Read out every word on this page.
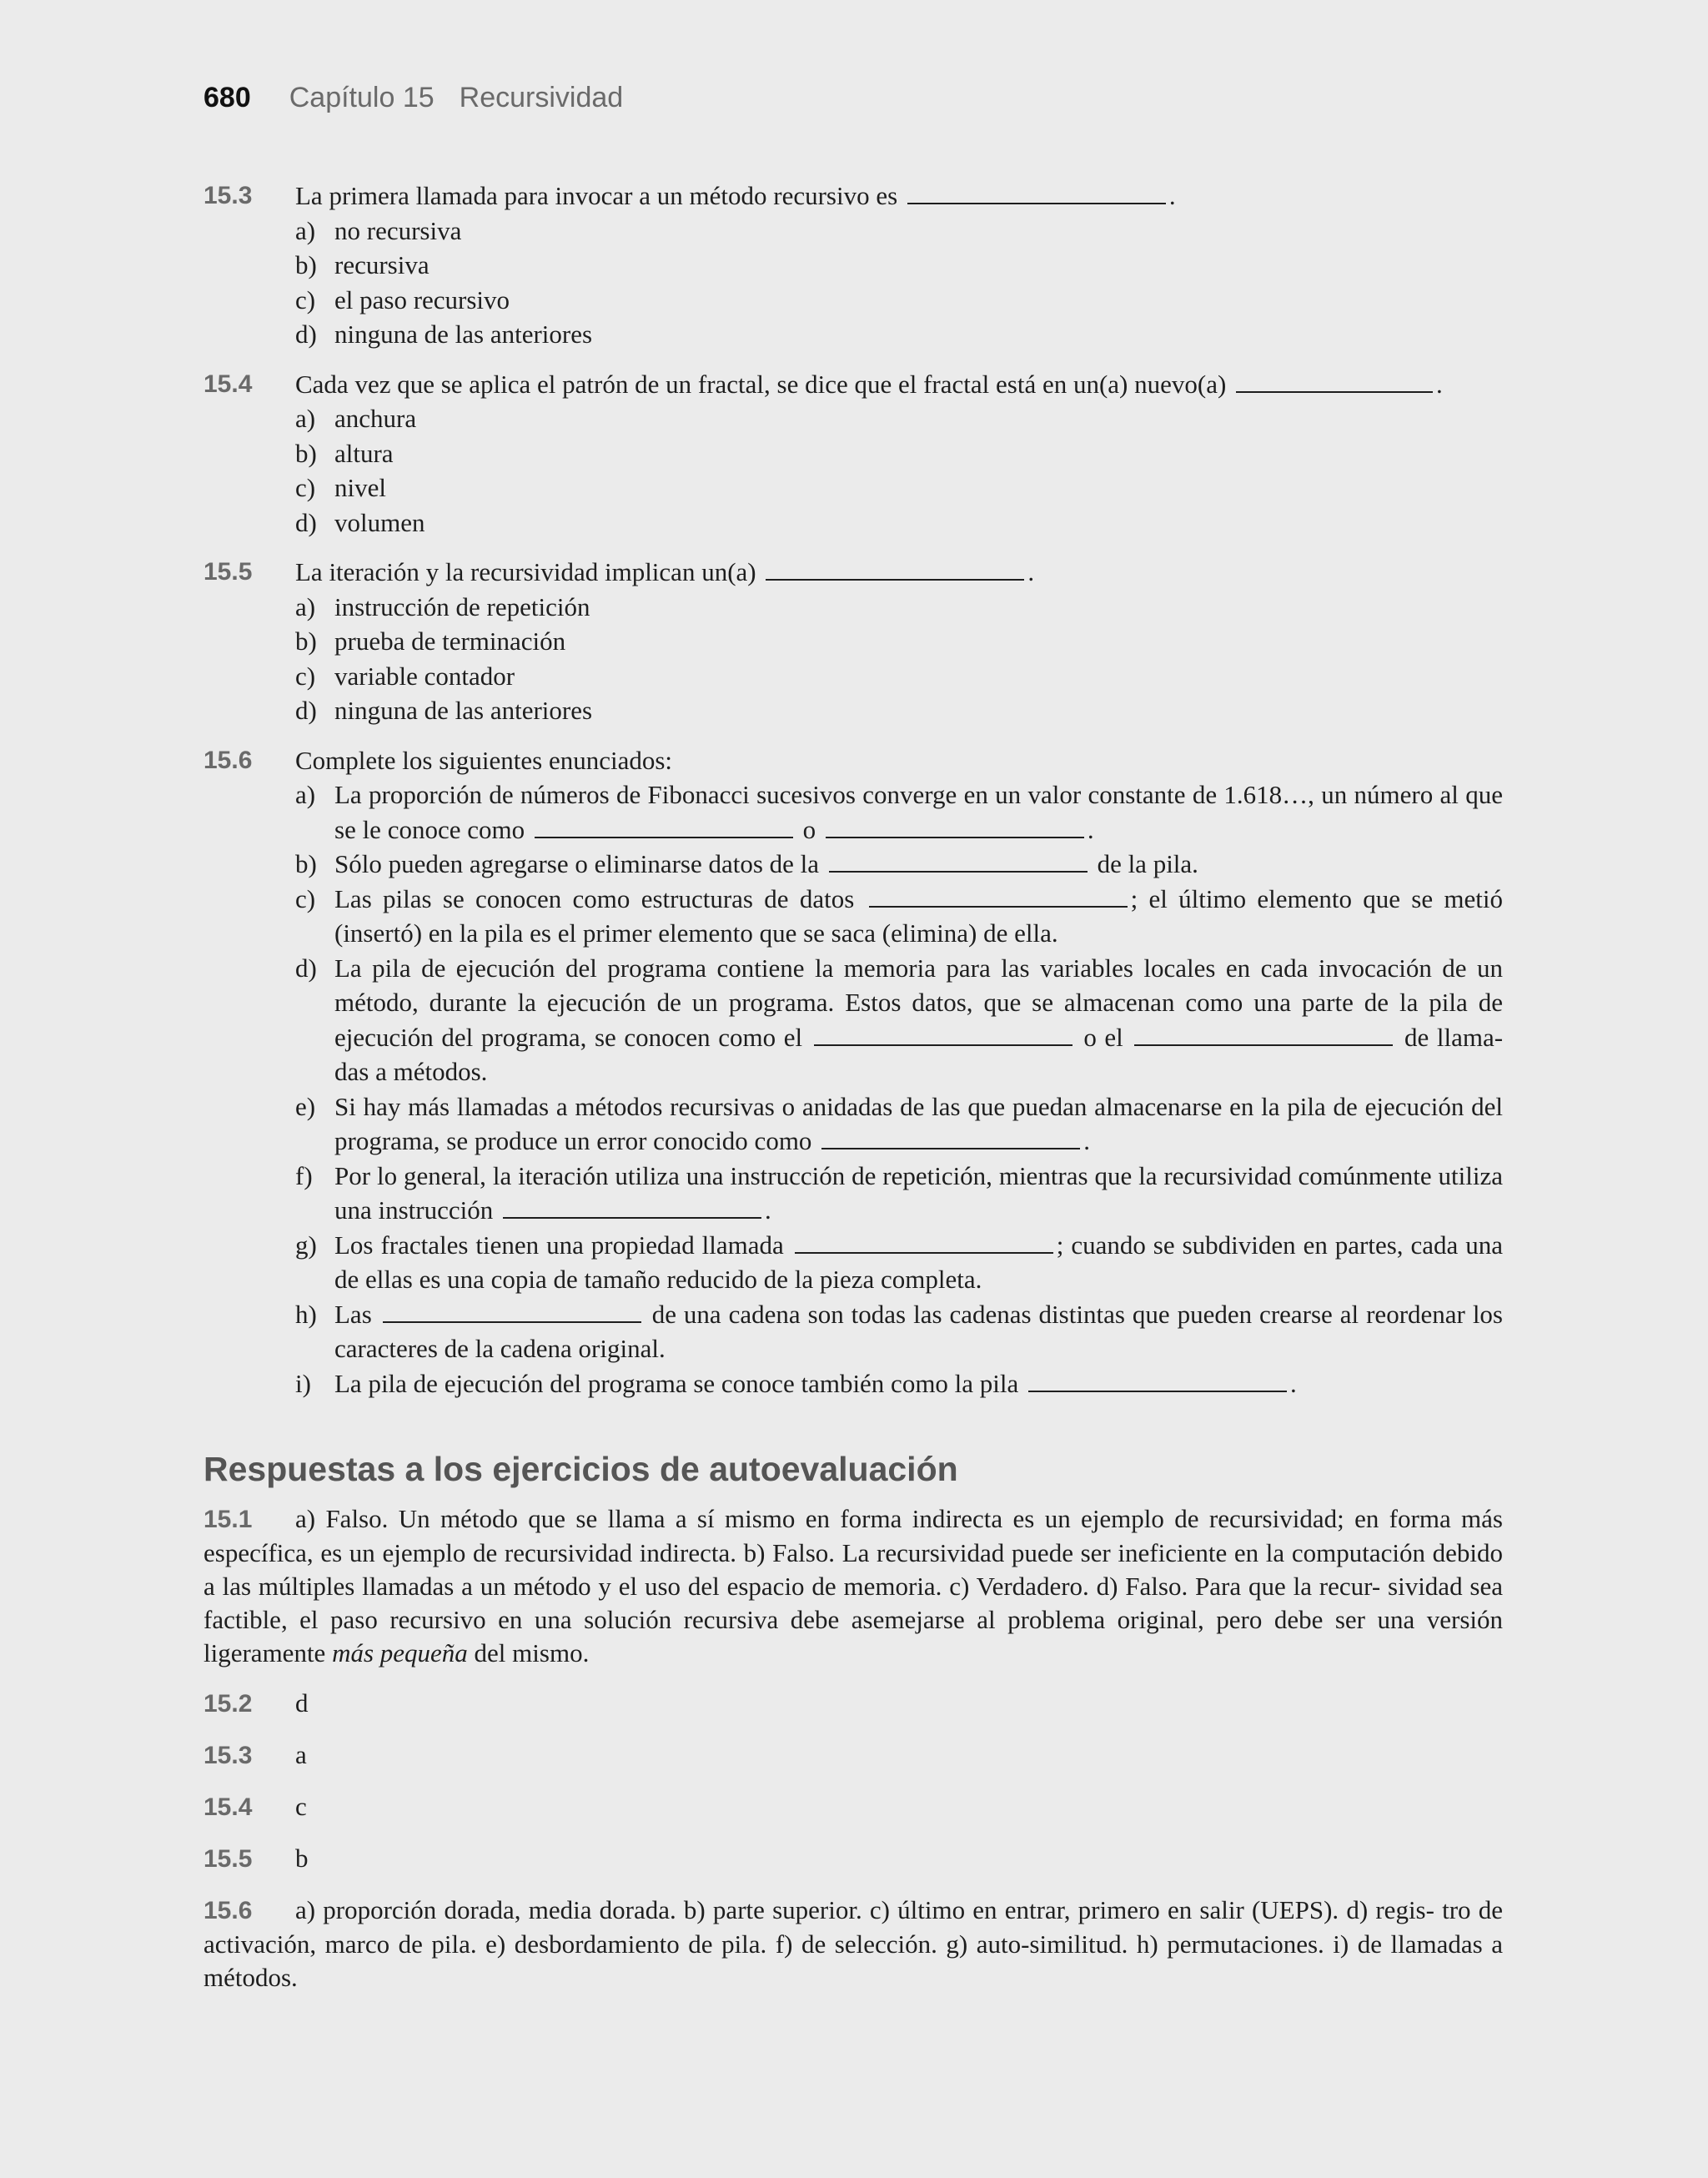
680 Capítulo 15 Recursividad
15.3 La primera llamada para invocar a un método recursivo es	.
a) no recursiva
b) recursiva
c) el paso recursivo
d) ninguna de las anteriores
15.4 Cada vez que se aplica el patrón de un fractal, se dice que el fractal está en un(a) nuevo(a)	.
a) anchura
b) altura
c) nivel
d) volumen
15.5 La iteración y la recursividad implican un(a)	.
a) instrucción de repetición
b) prueba de terminación
c) variable contador
d) ninguna de las anteriores
15.6 Complete los siguientes enunciados:
a) La proporción de números de Fibonacci sucesivos converge en un valor constante de 1.618…, un número al que se le conoce como	o	.
b) Sólo pueden agregarse o eliminarse datos de la	de la pila.
c) Las pilas se conocen como estructuras de datos	; el último elemento que se metió (insertó) en la pila es el primer elemento que se saca (elimina) de ella.
d) La pila de ejecución del programa contiene la memoria para las variables locales en cada invocación de un método, durante la ejecución de un programa. Estos datos, que se almacenan como una parte de la pila de ejecución del programa, se conocen como el	o el	de llama- das a métodos.
e) Si hay más llamadas a métodos recursivas o anidadas de las que puedan almacenarse en la pila de ejecución del programa, se produce un error conocido como	.
f) Por lo general, la iteración utiliza una instrucción de repetición, mientras que la recursividad comúnmente utiliza una instrucción	.
g) Los fractales tienen una propiedad llamada	; cuando se subdividen en partes, cada una de ellas es una copia de tamaño reducido de la pieza completa.
h) Las	de una cadena son todas las cadenas distintas que pueden crearse al reordenar los caracteres de la cadena original.
i) La pila de ejecución del programa se conoce también como la pila	.
Respuestas a los ejercicios de autoevaluación
15.1 a) Falso. Un método que se llama a sí mismo en forma indirecta es un ejemplo de recursividad; en forma más específica, es un ejemplo de recursividad indirecta. b) Falso. La recursividad puede ser ineficiente en la computación debido a las múltiples llamadas a un método y el uso del espacio de memoria. c) Verdadero. d) Falso. Para que la recur- sividad sea factible, el paso recursivo en una solución recursiva debe asemejarse al problema original, pero debe ser una versión ligeramente más pequeña del mismo.
15.2 d
15.3 a
15.4 c
15.5 b
15.6 a) proporción dorada, media dorada. b) parte superior. c) último en entrar, primero en salir (UEPS). d) regis- tro de activación, marco de pila. e) desbordamiento de pila. f) de selección. g) auto-similitud. h) permutaciones. i) de llamadas a métodos.
